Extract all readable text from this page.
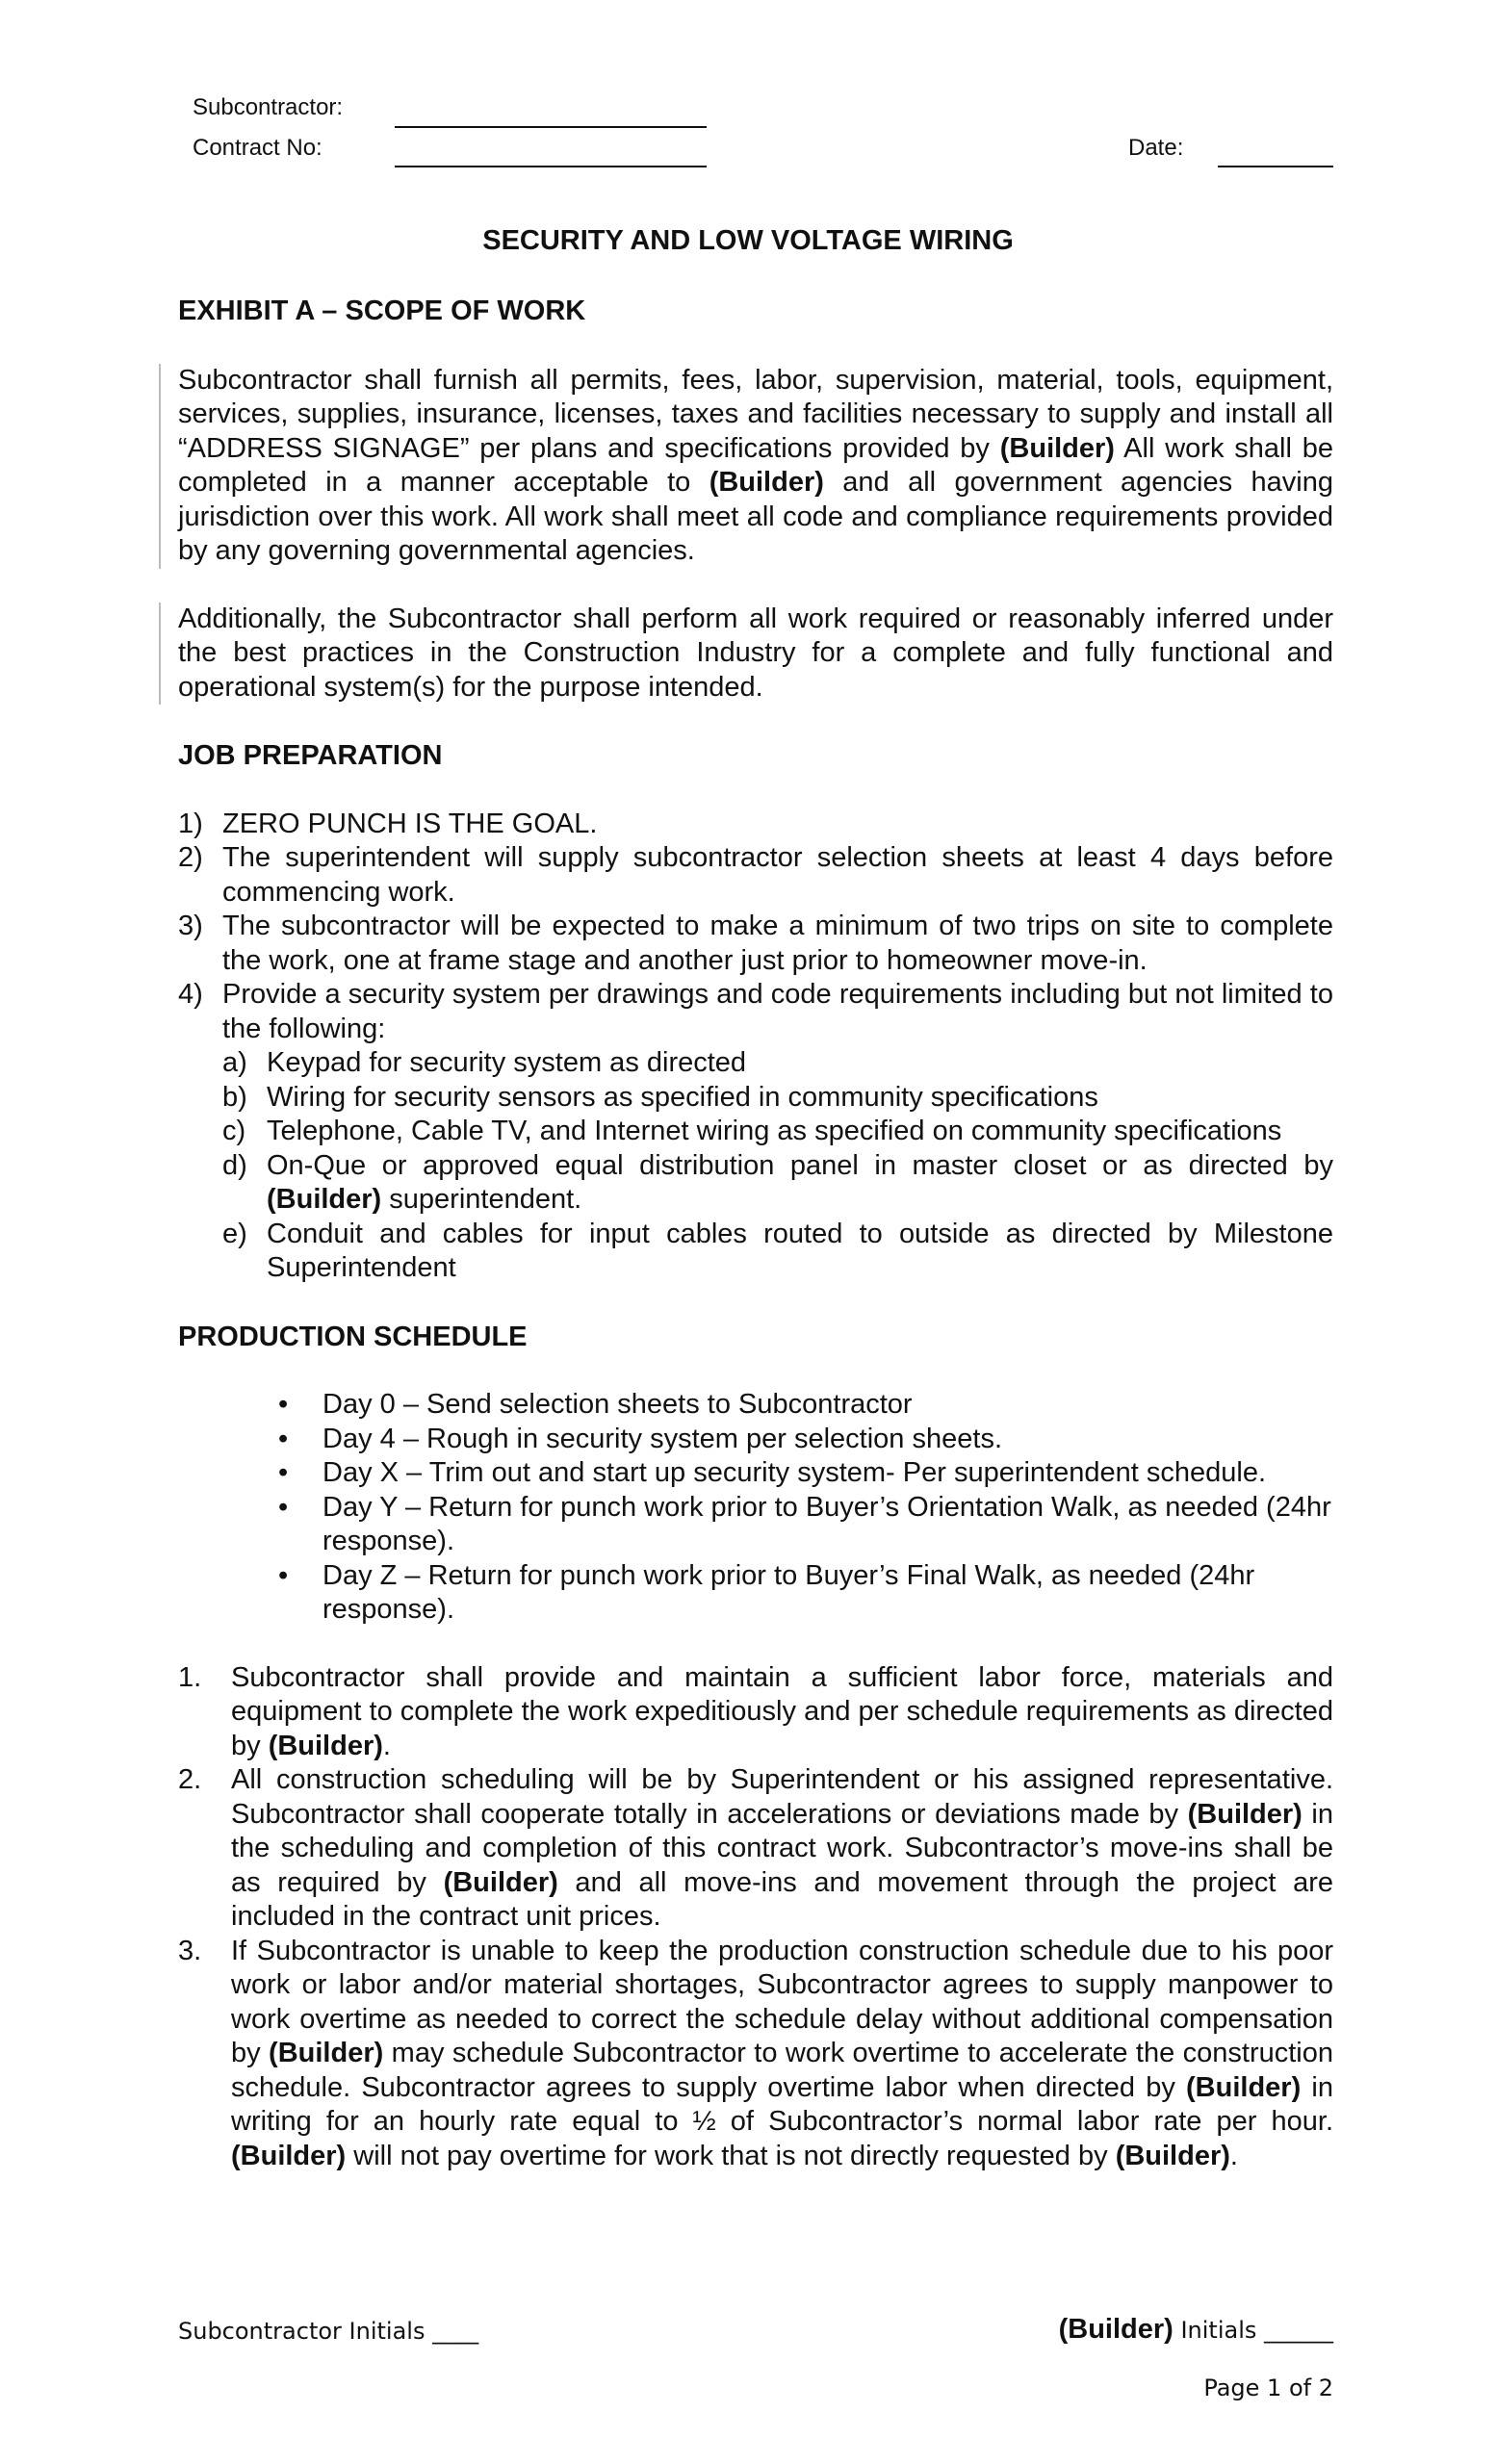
Subcontractor:
Contract No:	Date:
SECURITY AND LOW VOLTAGE WIRING

EXHIBIT A – SCOPE OF WORK

Subcontractor shall furnish all permits, fees, labor, supervision, material, tools, equipment, services, supplies, insurance, licenses, taxes and facilities necessary to supply and install all “ADDRESS SIGNAGE” per plans and specifications provided by (Builder) All work shall be completed in a manner acceptable to (Builder) and all government agencies having jurisdiction over this work. All work shall meet all code and compliance requirements provided by any governing governmental agencies.

Additionally, the Subcontractor shall perform all work required or reasonably inferred under the best practices in the Construction Industry for a complete and fully functional and operational system(s) for the purpose intended.

JOB PREPARATION

1) ZERO PUNCH IS THE GOAL.
2) The superintendent will supply subcontractor selection sheets at least 4 days before commencing work.
3) The subcontractor will be expected to make a minimum of two trips on site to complete the work, one at frame stage and another just prior to homeowner move-in.
4) Provide a security system per drawings and code requirements including but not limited to the following:
a) Keypad for security system as directed
b) Wiring for security sensors as specified in community specifications
c) Telephone, Cable TV, and Internet wiring as specified on community specifications
d) On-Que or approved equal distribution panel in master closet or as directed by (Builder) superintendent.
e) Conduit and cables for input cables routed to outside as directed by Milestone Superintendent

PRODUCTION SCHEDULE

• Day 0 – Send selection sheets to Subcontractor
• Day 4 – Rough in security system per selection sheets.
• Day X – Trim out and start up security system- Per superintendent schedule.
• Day Y – Return for punch work prior to Buyer’s Orientation Walk, as needed (24hr response).
• Day Z – Return for punch work prior to Buyer’s Final Walk, as needed (24hr response).
1. Subcontractor shall provide and maintain a sufficient labor force, materials and equipment to complete the work expeditiously and per schedule requirements as directed by (Builder).
2. All construction scheduling will be by Superintendent or his assigned representative. Subcontractor shall cooperate totally in accelerations or deviations made by (Builder) in the scheduling and completion of this contract work. Subcontractor’s move-ins shall be as required by (Builder) and all move-ins and movement through the project are included in the contract unit prices.
3. If Subcontractor is unable to keep the production construction schedule due to his poor work or labor and/or material shortages, Subcontractor agrees to supply manpower to work overtime as needed to correct the schedule delay without additional compensation by (Builder) may schedule Subcontractor to work overtime to accelerate the construction schedule. Subcontractor agrees to supply overtime labor when directed by (Builder) in writing for an hourly rate equal to ½ of Subcontractor’s normal labor rate per hour. (Builder) will not pay overtime for work that is not directly requested by (Builder).
Subcontractor Initials ____	(Builder) Initials ______
Page 1 of 2
